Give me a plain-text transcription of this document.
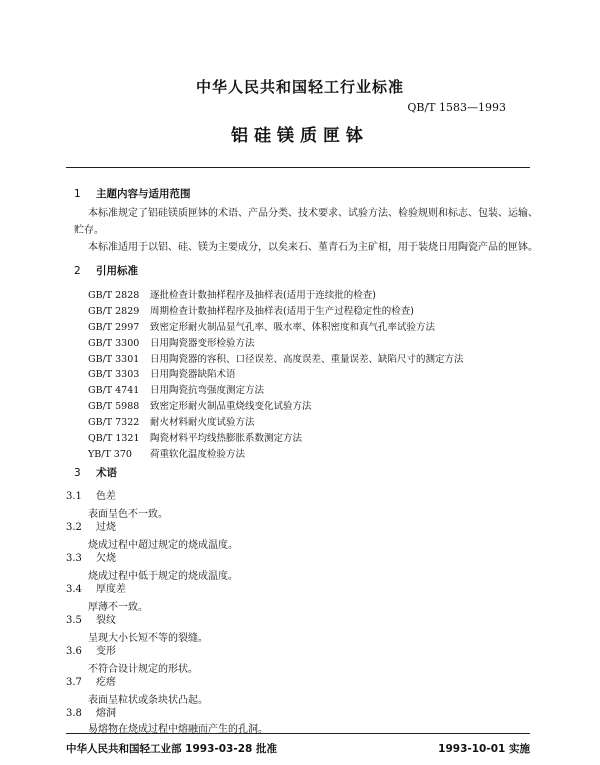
中华人民共和国轻工行业标准
QB/T 1583—1993
铝硅镁质匣钵
1 主题内容与适用范围
本标准规定了铝硅镁质匣钵的术语、产品分类、技术要求、试验方法、检验规则和标志、包装、运输、
贮存。
本标准适用于以铝、硅、镁为主要成分，以矣来石、堇青石为主矿相，用于装烧日用陶瓷产品的匣钵。
2 引用标准
GB/T 2828 逐批检查计数抽样程序及抽样表(适用于连续批的检查)
GB/T 2829 周期检查计数抽样程序及抽样表(适用于生产过程稳定性的检查)
GB/T 2997 致密定形耐火制品显气孔率、吸水率、体积密度和真气孔率试验方法
GB/T 3300 日用陶瓷器变形检验方法
GB/T 3301 日用陶瓷器的容积、口径误差、高度误差、重量误差、缺陷尺寸的测定方法
GB/T 3303 日用陶瓷器缺陷术语
GB/T 4741 日用陶瓷抗弯强度测定方法
GB/T 5988 致密定形耐火制品重烧线变化试验方法
GB/T 7322 耐火材料耐火度试验方法
QB/T 1321 陶瓷材料平均线热膨胀系数测定方法
YB/T 370 荷重软化温度检验方法
3 术语
3.1 色差
表面呈色不一致。
3.2 过烧
烧成过程中超过规定的烧成温度。
3.3 欠烧
烧成过程中低于规定的烧成温度。
3.4 厚度差
厚薄不一致。
3.5 裂纹
呈现大小长短不等的裂缝。
3.6 变形
不符合设计规定的形状。
3.7 疙瘩
表面呈粒状或条块状凸起。
3.8 熔洞
易熔物在烧成过程中熔融而产生的孔洞。
中华人民共和国轻工业部 1993-03-28 批准	1993-10-01 实施
